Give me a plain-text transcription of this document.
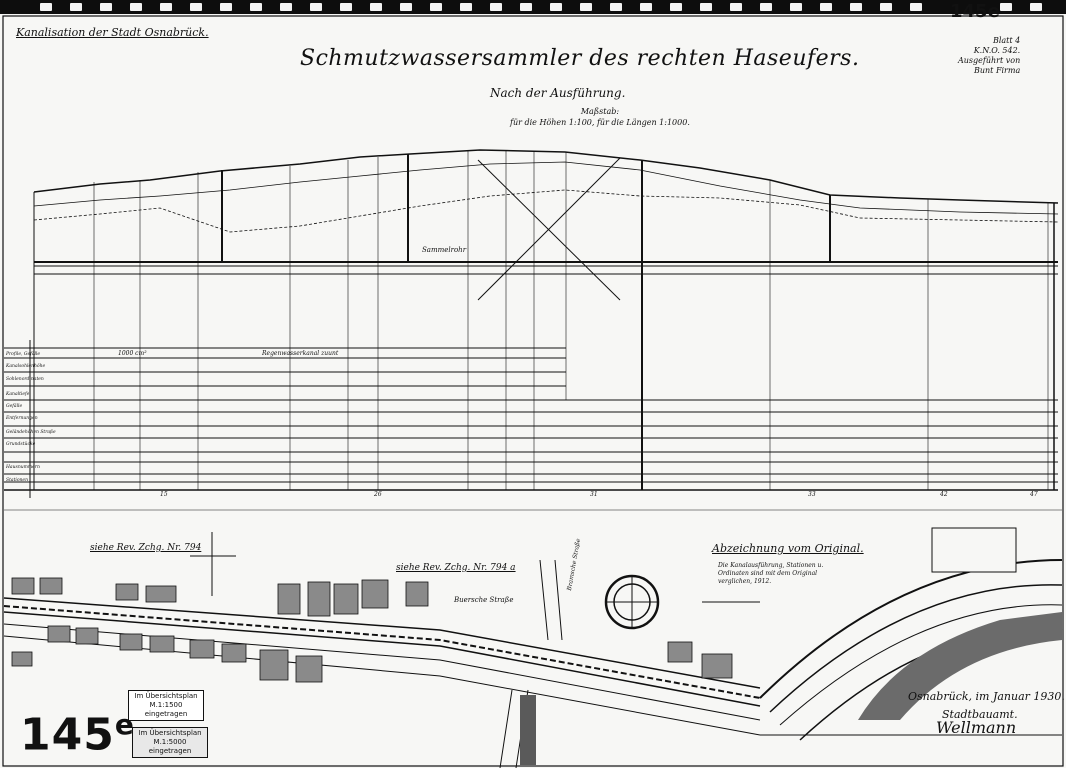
145e
Kanalisation der Stadt Osnabrück.
Schmutzwassersammler des rechten Haseufers.
Nach der Ausführung.
Maßstab:
für die Höhen 1:100, für die Längen 1:1000.
Blatt 4
K.N.O. 542.
Ausgeführt von
Bunt Firma
Sammelrohr
1000 cm²	Regenwasserkanal zuunt
Profile, Gefälle
Kanalsohlenhöhe
Sohlenordinaten
Kanaltiefe
Gefälle
Entfernungen
Geländehöhen Straße
Grundstücke
Hausnummern
Stationen
15	26	31	33	42	47
siehe Rev. Zchg. Nr. 794
siehe Rev. Zchg. Nr. 794 a
Buersche Straße
Bramsche Straße	Abzeichnung vom Original.
Die Kanalausführung, Stationen u. Ordinaten sind mit dem Original verglichen, 1912.
Osnabrück, im Januar 1930.
Stadtbauamt.
Wellmann
Im Übersichtsplan
M.1:1500
eingetragen
Im Übersichtsplan
M.1:5000
eingetragen
145e
